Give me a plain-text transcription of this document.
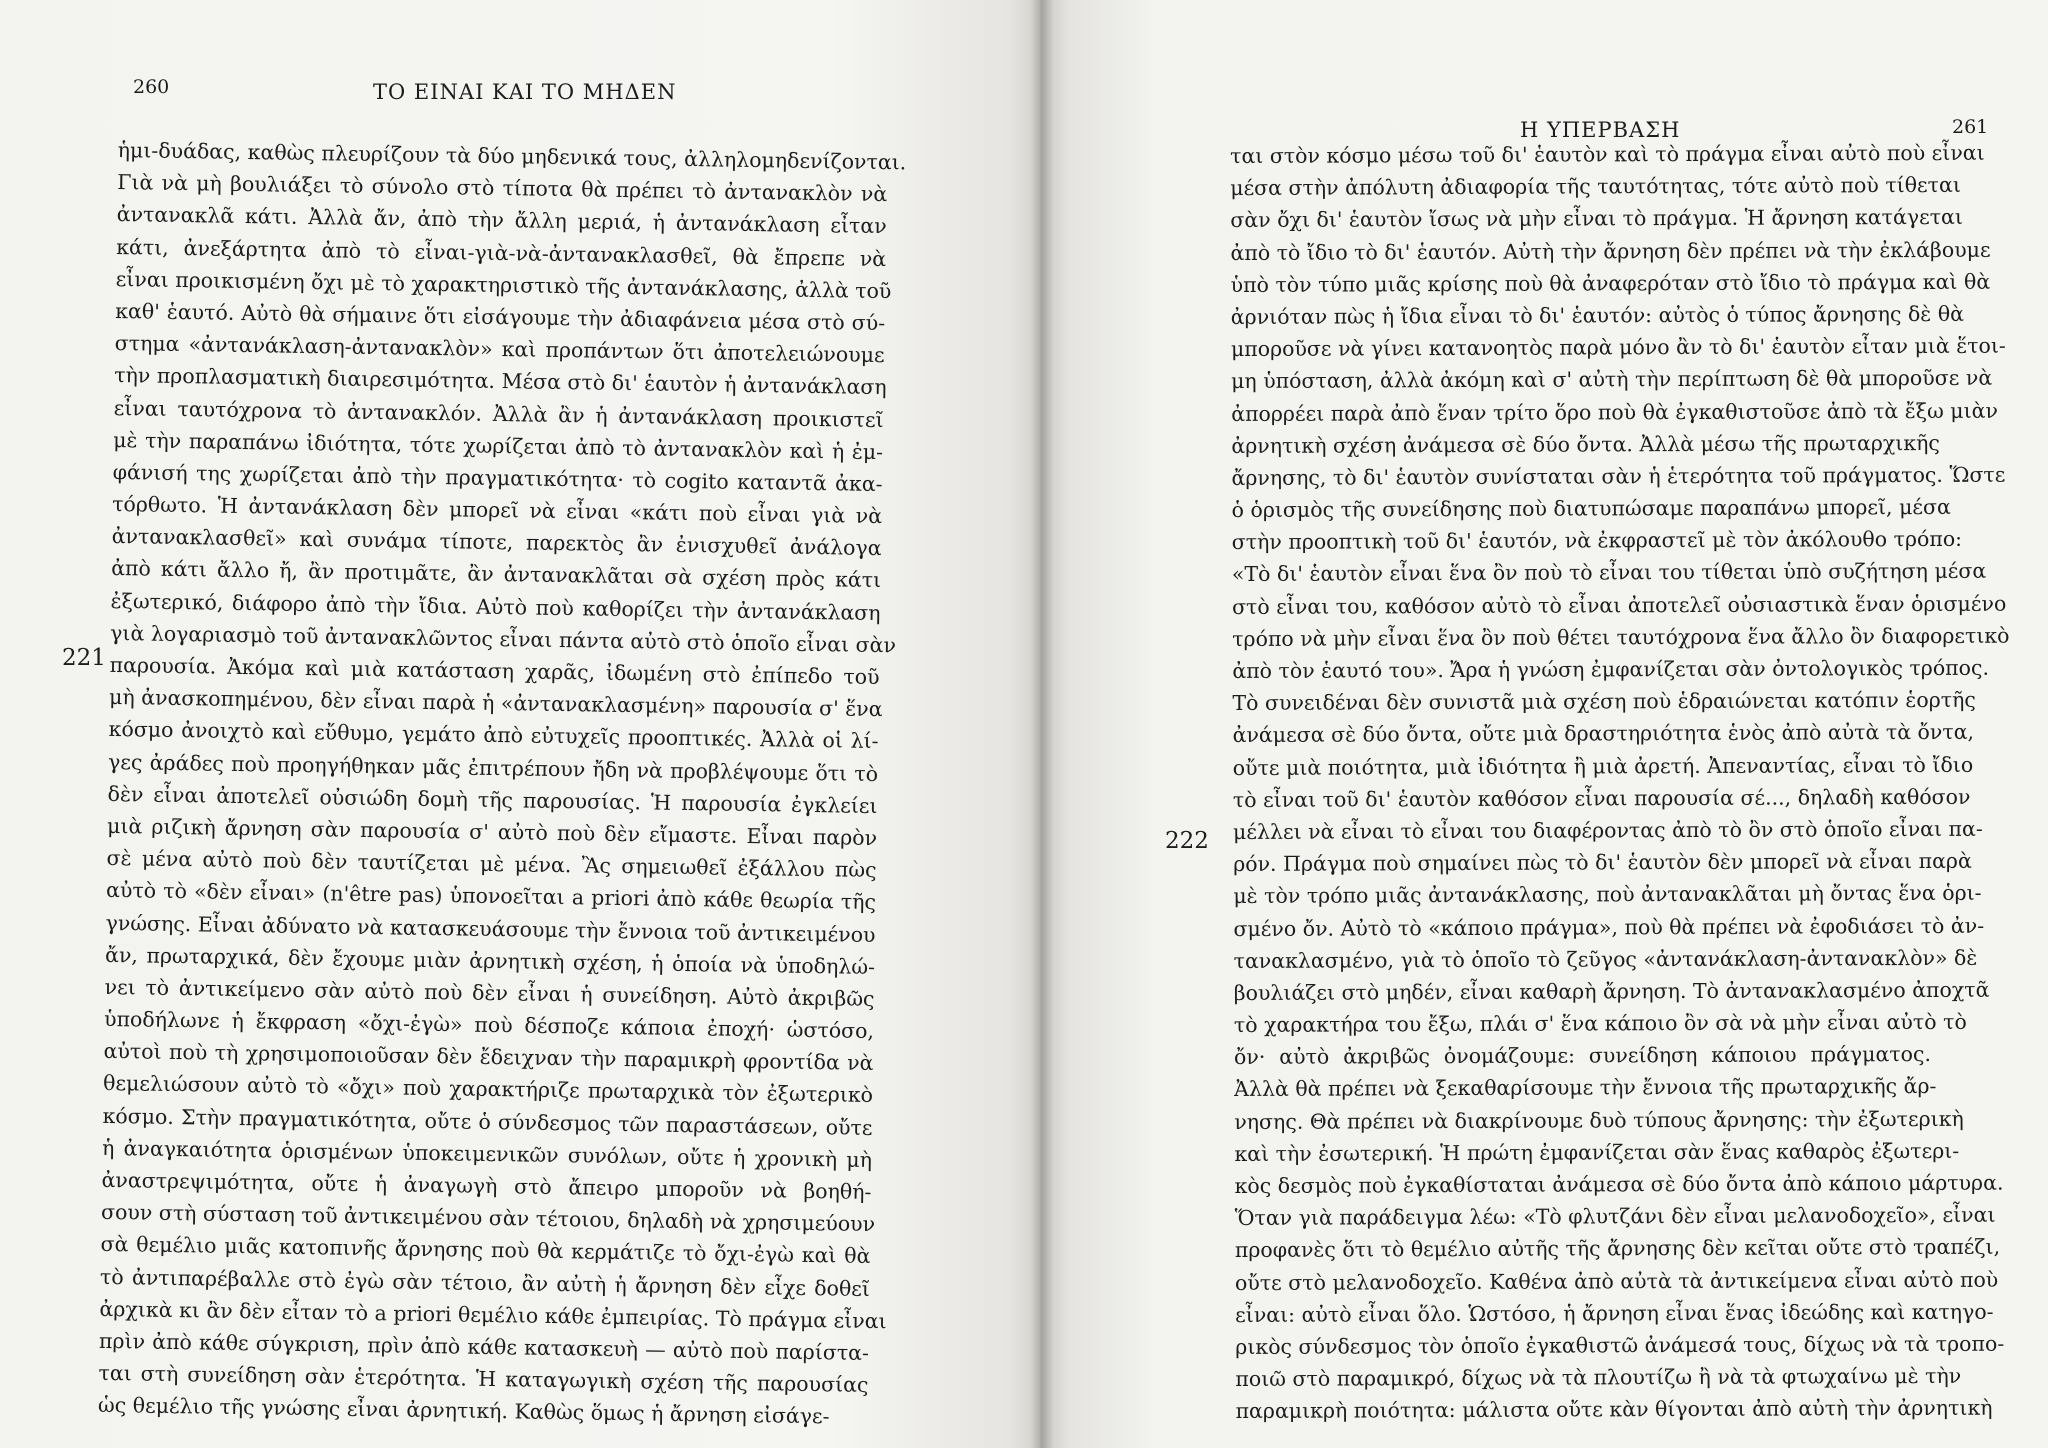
260	ΤΟ ΕΙΝΑΙ ΚΑΙ ΤΟ ΜΗΔΕΝ
221
ἡμι-δυάδας, καθὼς πλευρίζουν τὰ δύο μηδενικά τους, ἀλληλομηδενίζονται.
Γιὰ νὰ μὴ βουλιάξει τὸ σύνολο στὸ τίποτα θὰ πρέπει τὸ ἀντανακλὸν νὰ
ἀντανακλᾶ κάτι. Ἀλλὰ ἄν, ἀπὸ τὴν ἄλλη μεριά, ἡ ἀντανάκλαση εἶταν
κάτι, ἀνεξάρτητα ἀπὸ τὸ εἶναι-γιὰ-νὰ-ἀντανακλασθεῖ, θὰ ἔπρεπε νὰ
εἶναι προικισμένη ὄχι μὲ τὸ χαρακτηριστικὸ τῆς ἀντανάκλασης, ἀλλὰ τοῦ
καθ' ἑαυτό. Αὐτὸ θὰ σήμαινε ὅτι εἰσάγουμε τὴν ἀδιαφάνεια μέσα στὸ σύ-
στημα «ἀντανάκλαση-ἀντανακλὸν» καὶ προπάντων ὅτι ἀποτελειώνουμε
τὴν προπλασματικὴ διαιρεσιμότητα. Μέσα στὸ δι' ἑαυτὸν ἡ ἀντανάκλαση
εἶναι ταυτόχρονα τὸ ἀντανακλόν. Ἀλλὰ ἂν ἡ ἀντανάκλαση προικιστεῖ
μὲ τὴν παραπάνω ἰδιότητα, τότε χωρίζεται ἀπὸ τὸ ἀντανακλὸν καὶ ἡ ἐμ-
φάνισή της χωρίζεται ἀπὸ τὴν πραγματικότητα· τὸ cogito καταντᾶ ἀκα-
τόρθωτο. Ἡ ἀντανάκλαση δὲν μπορεῖ νὰ εἶναι «κάτι ποὺ εἶναι γιὰ νὰ
ἀντανακλασθεῖ» καὶ συνάμα τίποτε, παρεκτὸς ἂν ἐνισχυθεῖ ἀνάλογα
ἀπὸ κάτι ἄλλο ἤ, ἂν προτιμᾶτε, ἂν ἀντανακλᾶται σὰ σχέση πρὸς κάτι
ἐξωτερικό, διάφορο ἀπὸ τὴν ἴδια. Αὐτὸ ποὺ καθορίζει τὴν ἀντανάκλαση
γιὰ λογαριασμὸ τοῦ ἀντανακλῶντος εἶναι πάντα αὐτὸ στὸ ὁποῖο εἶναι σὰν
παρουσία. Ἀκόμα καὶ μιὰ κατάσταση χαρᾶς, ἰδωμένη στὸ ἐπίπεδο τοῦ
μὴ ἀνασκοπημένου, δὲν εἶναι παρὰ ἡ «ἀντανακλασμένη» παρουσία σ' ἕνα
κόσμο ἀνοιχτὸ καὶ εὔθυμο, γεμάτο ἀπὸ εὐτυχεῖς προοπτικές. Ἀλλὰ οἱ λί-
γες ἀράδες ποὺ προηγήθηκαν μᾶς ἐπιτρέπουν ἤδη νὰ προβλέψουμε ὅτι τὸ
δὲν εἶναι ἀποτελεῖ οὐσιώδη δομὴ τῆς παρουσίας. Ἡ παρουσία ἐγκλείει
μιὰ ριζικὴ ἄρνηση σὰν παρουσία σ' αὐτὸ ποὺ δὲν εἴμαστε. Εἶναι παρὸν
σὲ μένα αὐτὸ ποὺ δὲν ταυτίζεται μὲ μένα. Ἂς σημειωθεῖ ἐξάλλου πὼς
αὐτὸ τὸ «δὲν εἶναι» (n'être pas) ὑπονοεῖται a priori ἀπὸ κάθε θεωρία τῆς
γνώσης. Εἶναι ἀδύνατο νὰ κατασκευάσουμε τὴν ἔννοια τοῦ ἀντικειμένου
ἄν, πρωταρχικά, δὲν ἔχουμε μιὰν ἀρνητικὴ σχέση, ἡ ὁποία νὰ ὑποδηλώ-
νει τὸ ἀντικείμενο σὰν αὐτὸ ποὺ δὲν εἶναι ἡ συνείδηση. Αὐτὸ ἀκριβῶς
ὑποδήλωνε ἡ ἔκφραση «ὄχι-ἐγὼ» ποὺ δέσποζε κάποια ἐποχή· ὡστόσο,
αὐτοὶ ποὺ τὴ χρησιμοποιοῦσαν δὲν ἔδειχναν τὴν παραμικρὴ φροντίδα νὰ
θεμελιώσουν αὐτὸ τὸ «ὄχι» ποὺ χαρακτήριζε πρωταρχικὰ τὸν ἐξωτερικὸ
κόσμο. Στὴν πραγματικότητα, οὔτε ὁ σύνδεσμος τῶν παραστάσεων, οὔτε
ἡ ἀναγκαιότητα ὁρισμένων ὑποκειμενικῶν συνόλων, οὔτε ἡ χρονικὴ μὴ
ἀναστρεψιμότητα, οὔτε ἡ ἀναγωγὴ στὸ ἄπειρο μποροῦν νὰ βοηθή-
σουν στὴ σύσταση τοῦ ἀντικειμένου σὰν τέτοιου, δηλαδὴ νὰ χρησιμεύουν
σὰ θεμέλιο μιᾶς κατοπινῆς ἄρνησης ποὺ θὰ κερμάτιζε τὸ ὄχι-ἐγὼ καὶ θὰ
τὸ ἀντιπαρέβαλλε στὸ ἐγὼ σὰν τέτοιο, ἂν αὐτὴ ἡ ἄρνηση δὲν εἶχε δοθεῖ
ἀρχικὰ κι ἂν δὲν εἶταν τὸ a priori θεμέλιο κάθε ἐμπειρίας. Τὸ πράγμα εἶναι
πρὶν ἀπὸ κάθε σύγκριση, πρὶν ἀπὸ κάθε κατασκευὴ — αὐτὸ ποὺ παρίστα-
ται στὴ συνείδηση σὰν ἑτερότητα. Ἡ καταγωγικὴ σχέση τῆς παρουσίας
ὡς θεμέλιο τῆς γνώσης εἶναι ἀρνητική. Καθὼς ὅμως ἡ ἄρνηση εἰσάγε-
Η ΥΠΕΡΒΑΣΗ	261
222
ται στὸν κόσμο μέσω τοῦ δι' ἑαυτὸν καὶ τὸ πράγμα εἶναι αὐτὸ ποὺ εἶναι
μέσα στὴν ἀπόλυτη ἀδιαφορία τῆς ταυτότητας, τότε αὐτὸ ποὺ τίθεται
σὰν ὄχι δι' ἑαυτὸν ἴσως νὰ μὴν εἶναι τὸ πράγμα. Ἡ ἄρνηση κατάγεται
ἀπὸ τὸ ἴδιο τὸ δι' ἑαυτόν. Αὐτὴ τὴν ἄρνηση δὲν πρέπει νὰ τὴν ἐκλάβουμε
ὑπὸ τὸν τύπο μιᾶς κρίσης ποὺ θὰ ἀναφερόταν στὸ ἴδιο τὸ πράγμα καὶ θὰ
ἀρνιόταν πὼς ἡ ἴδια εἶναι τὸ δι' ἑαυτόν: αὐτὸς ὁ τύπος ἄρνησης δὲ θὰ
μποροῦσε νὰ γίνει κατανοητὸς παρὰ μόνο ἂν τὸ δι' ἑαυτὸν εἶταν μιὰ ἕτοι-
μη ὑπόσταση, ἀλλὰ ἀκόμη καὶ σ' αὐτὴ τὴν περίπτωση δὲ θὰ μποροῦσε νὰ
ἀπορρέει παρὰ ἀπὸ ἕναν τρίτο ὅρο ποὺ θὰ ἐγκαθιστοῦσε ἀπὸ τὰ ἔξω μιὰν
ἀρνητικὴ σχέση ἀνάμεσα σὲ δύο ὄντα. Ἀλλὰ μέσω τῆς πρωταρχικῆς
ἄρνησης, τὸ δι' ἑαυτὸν συνίσταται σὰν ἡ ἑτερότητα τοῦ πράγματος. Ὥστε
ὁ ὁρισμὸς τῆς συνείδησης ποὺ διατυπώσαμε παραπάνω μπορεῖ, μέσα
στὴν προοπτικὴ τοῦ δι' ἑαυτόν, νὰ ἐκφραστεῖ μὲ τὸν ἀκόλουθο τρόπο:
«Τὸ δι' ἑαυτὸν εἶναι ἕνα ὂν ποὺ τὸ εἶναι του τίθεται ὑπὸ συζήτηση μέσα
στὸ εἶναι του, καθόσον αὐτὸ τὸ εἶναι ἀποτελεῖ οὐσιαστικὰ ἕναν ὁρισμένο
τρόπο νὰ μὴν εἶναι ἕνα ὂν ποὺ θέτει ταυτόχρονα ἕνα ἄλλο ὂν διαφορετικὸ
ἀπὸ τὸν ἑαυτό του». Ἄρα ἡ γνώση ἐμφανίζεται σὰν ὀντολογικὸς τρόπος.
Τὸ συνειδέναι δὲν συνιστᾶ μιὰ σχέση ποὺ ἑδραιώνεται κατόπιν ἑορτῆς
ἀνάμεσα σὲ δύο ὄντα, οὔτε μιὰ δραστηριότητα ἑνὸς ἀπὸ αὐτὰ τὰ ὄντα,
οὔτε μιὰ ποιότητα, μιὰ ἰδιότητα ἢ μιὰ ἀρετή. Ἀπεναντίας, εἶναι τὸ ἴδιο
τὸ εἶναι τοῦ δι' ἑαυτὸν καθόσον εἶναι παρουσία σέ..., δηλαδὴ καθόσον
μέλλει νὰ εἶναι τὸ εἶναι του διαφέροντας ἀπὸ τὸ ὂν στὸ ὁποῖο εἶναι πα-
ρόν. Πράγμα ποὺ σημαίνει πὼς τὸ δι' ἑαυτὸν δὲν μπορεῖ νὰ εἶναι παρὰ
μὲ τὸν τρόπο μιᾶς ἀντανάκλασης, ποὺ ἀντανακλᾶται μὴ ὄντας ἕνα ὁρι-
σμένο ὄν. Αὐτὸ τὸ «κάποιο πράγμα», ποὺ θὰ πρέπει νὰ ἐφοδιάσει τὸ ἀν-
τανακλασμένο, γιὰ τὸ ὁποῖο τὸ ζεῦγος «ἀντανάκλαση-ἀντανακλὸν» δὲ
βουλιάζει στὸ μηδέν, εἶναι καθαρὴ ἄρνηση. Τὸ ἀντανακλασμένο ἀποχτᾶ
τὸ χαρακτήρα του ἔξω, πλάι σ' ἕνα κάποιο ὂν σὰ νὰ μὴν εἶναι αὐτὸ τὸ
ὄν· αὐτὸ ἀκριβῶς ὀνομάζουμε: συνείδηση κάποιου πράγματος.
Ἀλλὰ θὰ πρέπει νὰ ξεκαθαρίσουμε τὴν ἔννοια τῆς πρωταρχικῆς ἄρ-
νησης. Θὰ πρέπει νὰ διακρίνουμε δυὸ τύπους ἄρνησης: τὴν ἐξωτερικὴ
καὶ τὴν ἐσωτερική. Ἡ πρώτη ἐμφανίζεται σὰν ἕνας καθαρὸς ἐξωτερι-
κὸς δεσμὸς ποὺ ἐγκαθίσταται ἀνάμεσα σὲ δύο ὄντα ἀπὸ κάποιο μάρτυρα.
Ὅταν γιὰ παράδειγμα λέω: «Τὸ φλυτζάνι δὲν εἶναι μελανοδοχεῖο», εἶναι
προφανὲς ὅτι τὸ θεμέλιο αὐτῆς τῆς ἄρνησης δὲν κεῖται οὔτε στὸ τραπέζι,
οὔτε στὸ μελανοδοχεῖο. Καθένα ἀπὸ αὐτὰ τὰ ἀντικείμενα εἶναι αὐτὸ ποὺ
εἶναι: αὐτὸ εἶναι ὅλο. Ὡστόσο, ἡ ἄρνηση εἶναι ἕνας ἰδεώδης καὶ κατηγο-
ρικὸς σύνδεσμος τὸν ὁποῖο ἐγκαθιστῶ ἀνάμεσά τους, δίχως νὰ τὰ τροπο-
ποιῶ στὸ παραμικρό, δίχως νὰ τὰ πλουτίζω ἢ νὰ τὰ φτωχαίνω μὲ τὴν
παραμικρὴ ποιότητα: μάλιστα οὔτε κὰν θίγονται ἀπὸ αὐτὴ τὴν ἀρνητικὴ
